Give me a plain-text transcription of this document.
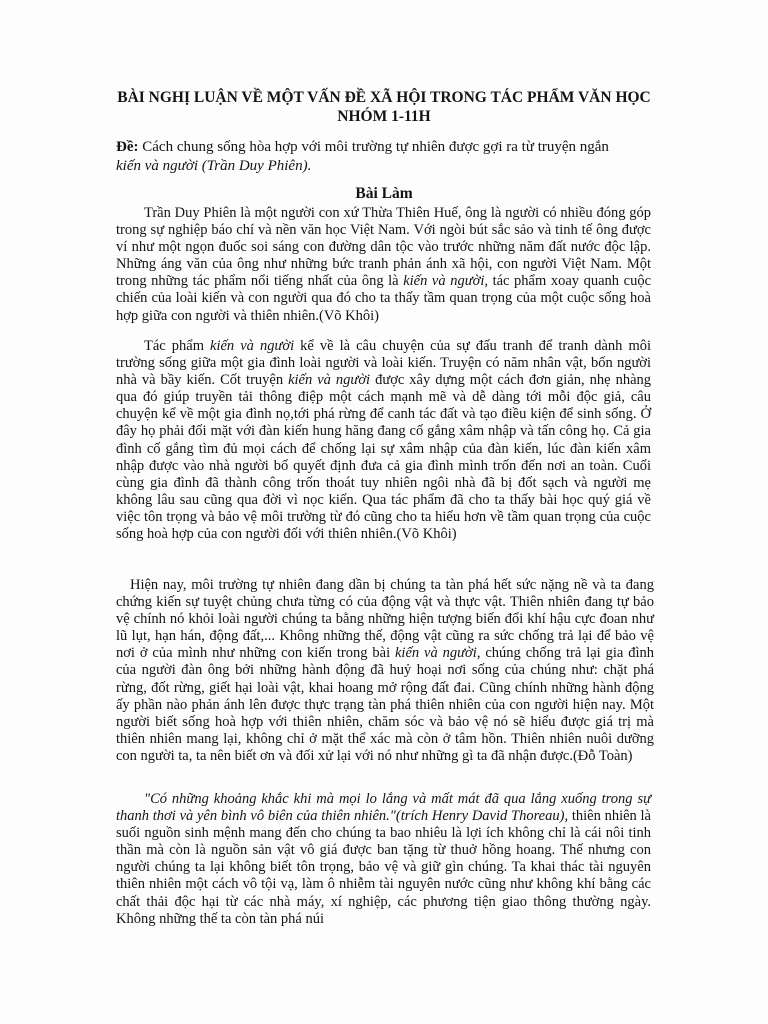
BÀI NGHỊ LUẬN VỀ MỘT VẤN ĐỀ XÃ HỘI TRONG TÁC PHẨM VĂN HỌC NHÓM 1-11H

Đề: Cách chung sống hòa hợp với môi trường tự nhiên được gợi ra từ truyện ngắn
kiến và người (Trần Duy Phiên).

Bài Làm

Trần Duy Phiên là một người con xứ Thừa Thiên Huế, ông là người có nhiều đóng góp trong sự nghiệp báo chí và nền văn học Việt Nam. Với ngòi bút sắc sảo và tinh tế ông được ví như một ngọn đuốc soi sáng con đường dân tộc vào trước những năm đất nước độc lập. Những áng văn của ông như những bức tranh phản ánh xã hội, con người Việt Nam. Một trong những tác phẩm nổi tiếng nhất của ông là kiến và người, tác phẩm xoay quanh cuộc chiến của loài kiến và con người qua đó cho ta thấy tầm quan trọng của một cuộc sống hoà hợp giữa con người và thiên nhiên.(Võ Khôi)

Tác phẩm kiến và người kể về là câu chuyện của sự đấu tranh để tranh dành môi trường sống giữa một gia đình loài người và loài kiến. Truyện có năm nhân vật, bốn người nhà và bầy kiến. Cốt truyện kiến và người được xây dựng một cách đơn giản, nhẹ nhàng qua đó giúp truyền tải thông điệp một cách mạnh mẽ và dễ dàng tới mỗi độc giả, câu chuyện kể về một gia đình nọ,tới phá rừng để canh tác đất và tạo điều kiện để sinh sống. Ở đây họ phải đối mặt với đàn kiến hung hăng đang cố gắng xâm nhập và tấn công họ. Cả gia đình cố gắng tìm đủ mọi cách để chống lại sự xâm nhập của đàn kiến, lúc đàn kiến xâm nhập được vào nhà người bố quyết định đưa cả gia đình mình trốn đến nơi an toàn. Cuối cùng gia đình đã thành công trốn thoát tuy nhiên ngôi nhà đã bị đốt sạch và người mẹ không lâu sau cũng qua đời vì nọc kiến. Qua tác phẩm đã cho ta thấy bài học quý giá về việc tôn trọng và bảo vệ môi trường từ đó cũng cho ta hiểu hơn về tầm quan trọng của cuộc sống hoà hợp của con người đối với thiên nhiên.(Võ Khôi)

Hiện nay, môi trường tự nhiên đang dần bị chúng ta tàn phá hết sức nặng nề và ta đang chứng kiến sự tuyệt chủng chưa từng có của động vật và thực vật. Thiên nhiên đang tự bảo vệ chính nó khỏi loài người chúng ta bằng những hiện tượng biến đổi khí hậu cực đoan như lũ lụt, hạn hán, động đất,... Không những thế, động vật cũng ra sức chống trả lại để bảo vệ nơi ở của mình như những con kiến trong bài kiến và người, chúng chống trả lại gia đình của người đàn ông bởi những hành động đã huỷ hoại nơi sống của chúng như: chặt phá rừng, đốt rừng, giết hại loài vật, khai hoang mở rộng đất đai. Cũng chính những hành động ấy phần nào phản ánh lên được thực trạng tàn phá thiên nhiên của con người hiện nay. Một người biết sống hoà hợp với thiên nhiên, chăm sóc và bảo vệ nó sẽ hiểu được giá trị mà thiên nhiên mang lại, không chỉ ở mặt thể xác mà còn ở tâm hồn. Thiên nhiên nuôi dưỡng con người ta, ta nên biết ơn và đối xử lại với nó như những gì ta đã nhận được.(Đỗ Toàn)

"Có những khoảng khắc khi mà mọi lo lắng và mất mát đã qua lắng xuống trong sự thanh thơi và yên bình vô biên của thiên nhiên."(trích Henry David Thoreau), thiên nhiên là suối nguồn sinh mệnh mang đến cho chúng ta bao nhiêu là lợi ích không chỉ là cái nôi tinh thần mà còn là nguồn sản vật vô giá được ban tặng từ thuở hồng hoang. Thế nhưng con người chúng ta lại không biết tôn trọng, bảo vệ và giữ gìn chúng. Ta khai thác tài nguyên thiên nhiên một cách vô tội vạ, làm ô nhiễm tài nguyên nước cũng như không khí bằng các chất thải độc hại từ các nhà máy, xí nghiệp, các phương tiện giao thông thường ngày. Không những thế ta còn tàn phá núi
